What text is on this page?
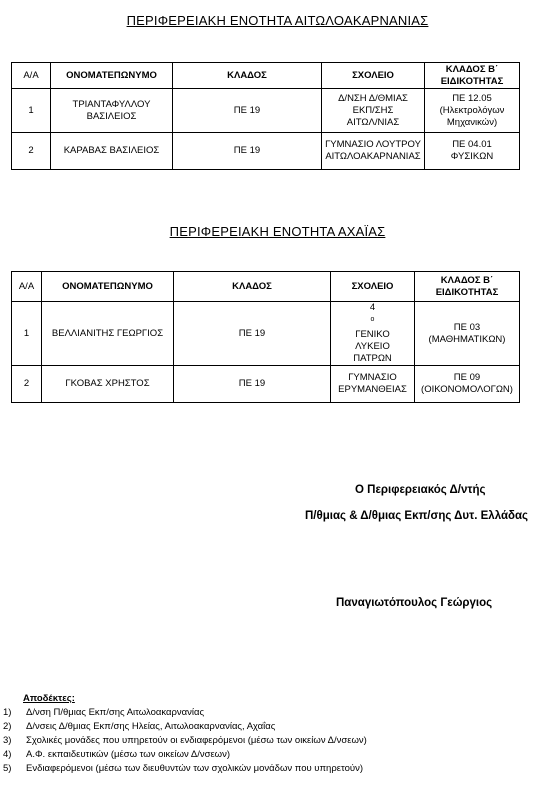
ΠΕΡΙΦΕΡΕΙΑΚΗ ΕΝΟΤΗΤΑ ΑΙΤΩΛΟΑΚΑΡΝΑΝΙΑΣ
Α/Α	ΟΝΟΜΑΤΕΠΩΝΥΜΟ	ΚΛΑΔΟΣ	ΣΧΟΛΕΙΟ	ΚΛΑΔΟΣ Β΄
ΕΙΔΙΚΟΤΗΤΑΣ

1	ΤΡΙΑΝΤΑΦΥΛΛΟΥ
ΒΑΣΙΛΕΙΟΣ	ΠΕ 19	Δ/ΝΣΗ Δ/ΘΜΙΑΣ
ΕΚΠ/ΣΗΣ
ΑΙΤΩΛ/ΝΙΑΣ	ΠΕ 12.05
(Ηλεκτρολόγων
Μηχανικών)

2	ΚΑΡΑΒΑΣ ΒΑΣΙΛΕΙΟΣ	ΠΕ 19	ΓΥΜΝΑΣΙΟ ΛΟΥΤΡΟΥ
ΑΙΤΩΛΟΑΚΑΡΝΑΝΙΑΣ	ΠΕ 04.01
ΦΥΣΙΚΩΝ
ΠΕΡΙΦΕΡΕΙΑΚΗ ΕΝΟΤΗΤΑ ΑΧΑΪΑΣ
Α/Α	ΟΝΟΜΑΤΕΠΩΝΥΜΟ	ΚΛΑΔΟΣ	ΣΧΟΛΕΙΟ	ΚΛΑΔΟΣ Β΄
ΕΙΔΙΚΟΤΗΤΑΣ

1	ΒΕΛΛΙΑΝΙΤΗΣ ΓΕΩΡΓΙΟΣ	ΠΕ 19	4
$^o$
ΓΕΝΙΚΟ
ΛΥΚΕΙΟ
ΠΑΤΡΩΝ	ΠΕ 03
(ΜΑΘΗΜΑΤΙΚΩΝ)

2	ΓΚΟΒΑΣ ΧΡΗΣΤΟΣ	ΠΕ 19	ΓΥΜΝΑΣΙΟ
ΕΡΥΜΑΝΘΕΙΑΣ	ΠΕ 09
(ΟΙΚΟΝΟΜΟΛΟΓΩΝ)
Ο Περιφερειακός Δ/ντής
Π/θμιας & Δ/θμιας Εκπ/σης Δυτ. Ελλάδας
Παναγιωτόπουλος Γεώργιος
Αποδέκτες:
1) Δ/νση Π/θμιας Εκπ/σης Αιτωλοακαρνανίας
2) Δ/νσεις Δ/θμιας Εκπ/σης Ηλείας, Αιτωλοακαρνανίας, Αχαΐας
3) Σχολικές μονάδες που υπηρετούν οι ενδιαφερόμενοι (μέσω των οικείων Δ/νσεων)
4) Α.Φ. εκπαιδευτικών (μέσω των οικείων Δ/νσεων)
5) Ενδιαφερόμενοι (μέσω των διευθυντών των σχολικών μονάδων που υπηρετούν)
